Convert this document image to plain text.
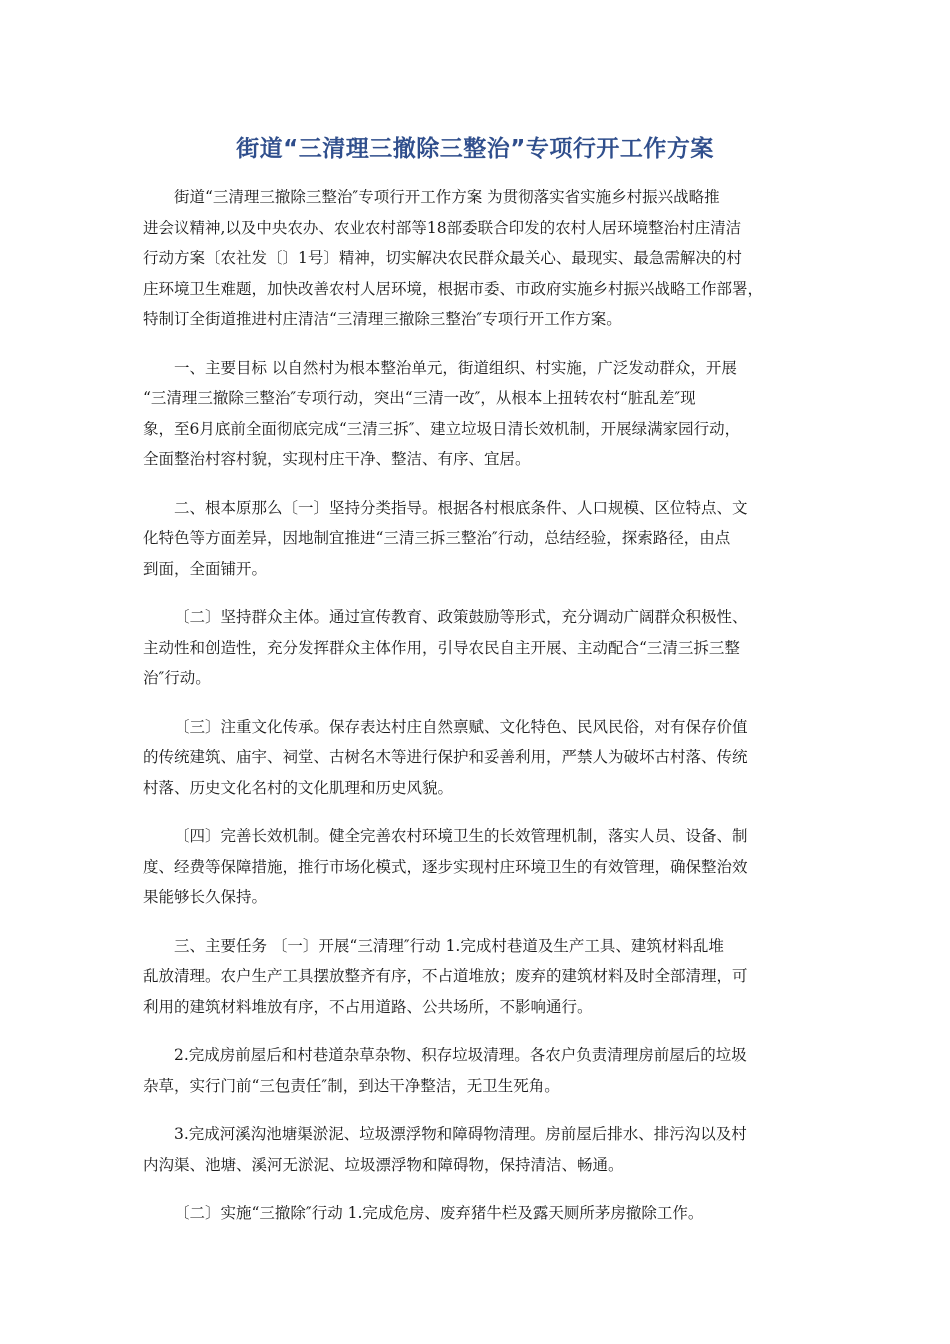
街道“三清理三撤除三整治”专项行开工作方案
街道“三清理三撤除三整治″专项行开工作方案 为贯彻落实省实施乡村振兴战略推
进会议精神,以及中央农办、农业农村部等18部委联合印发的农村人居环境整治村庄清洁
行动方案〔农社发〔〕1号〕精神，切实解决农民群众最关心、最现实、最急需解决的村
庄环境卫生难题，加快改善农村人居环境，根据市委、市政府实施乡村振兴战略工作部署，
特制订全街道推进村庄清洁“三清理三撤除三整治″专项行开工作方案。
一、主要目标 以自然村为根本整治单元，街道组织、村实施，广泛发动群众，开展
“三清理三撤除三整治″专项行动，突出“三清一改″，从根本上扭转农村“脏乱差″现
象，至6月底前全面彻底完成“三清三拆″、建立垃圾日清长效机制，开展绿满家园行动，
全面整治村容村貌，实现村庄干净、整洁、有序、宜居。
二、根本原那么〔一〕坚持分类指导。根据各村根底条件、人口规模、区位特点、文
化特色等方面差异，因地制宜推进“三清三拆三整治″行动，总结经验，探索路径，由点
到面，全面铺开。
〔二〕坚持群众主体。通过宣传教育、政策鼓励等形式，充分调动广阔群众积极性、
主动性和创造性，充分发挥群众主体作用，引导农民自主开展、主动配合“三清三拆三整
治″行动。
〔三〕注重文化传承。保存表达村庄自然禀赋、文化特色、民风民俗，对有保存价值
的传统建筑、庙宇、祠堂、古树名木等进行保护和妥善利用，严禁人为破坏古村落、传统
村落、历史文化名村的文化肌理和历史风貌。
〔四〕完善长效机制。健全完善农村环境卫生的长效管理机制，落实人员、设备、制
度、经费等保障措施，推行市场化模式，逐步实现村庄环境卫生的有效管理，确保整治效
果能够长久保持。
三、主要任务 〔一〕开展“三清理″行动 1.完成村巷道及生产工具、建筑材料乱堆
乱放清理。农户生产工具摆放整齐有序，不占道堆放；废弃的建筑材料及时全部清理，可
利用的建筑材料堆放有序，不占用道路、公共场所，不影响通行。
2.完成房前屋后和村巷道杂草杂物、积存垃圾清理。各农户负责清理房前屋后的垃圾
杂草，实行门前“三包责任″制，到达干净整洁，无卫生死角。
3.完成河溪沟池塘渠淤泥、垃圾漂浮物和障碍物清理。房前屋后排水、排污沟以及村
内沟渠、池塘、溪河无淤泥、垃圾漂浮物和障碍物，保持清洁、畅通。
〔二〕实施“三撤除″行动 1.完成危房、废弃猪牛栏及露天厕所茅房撤除工作。
